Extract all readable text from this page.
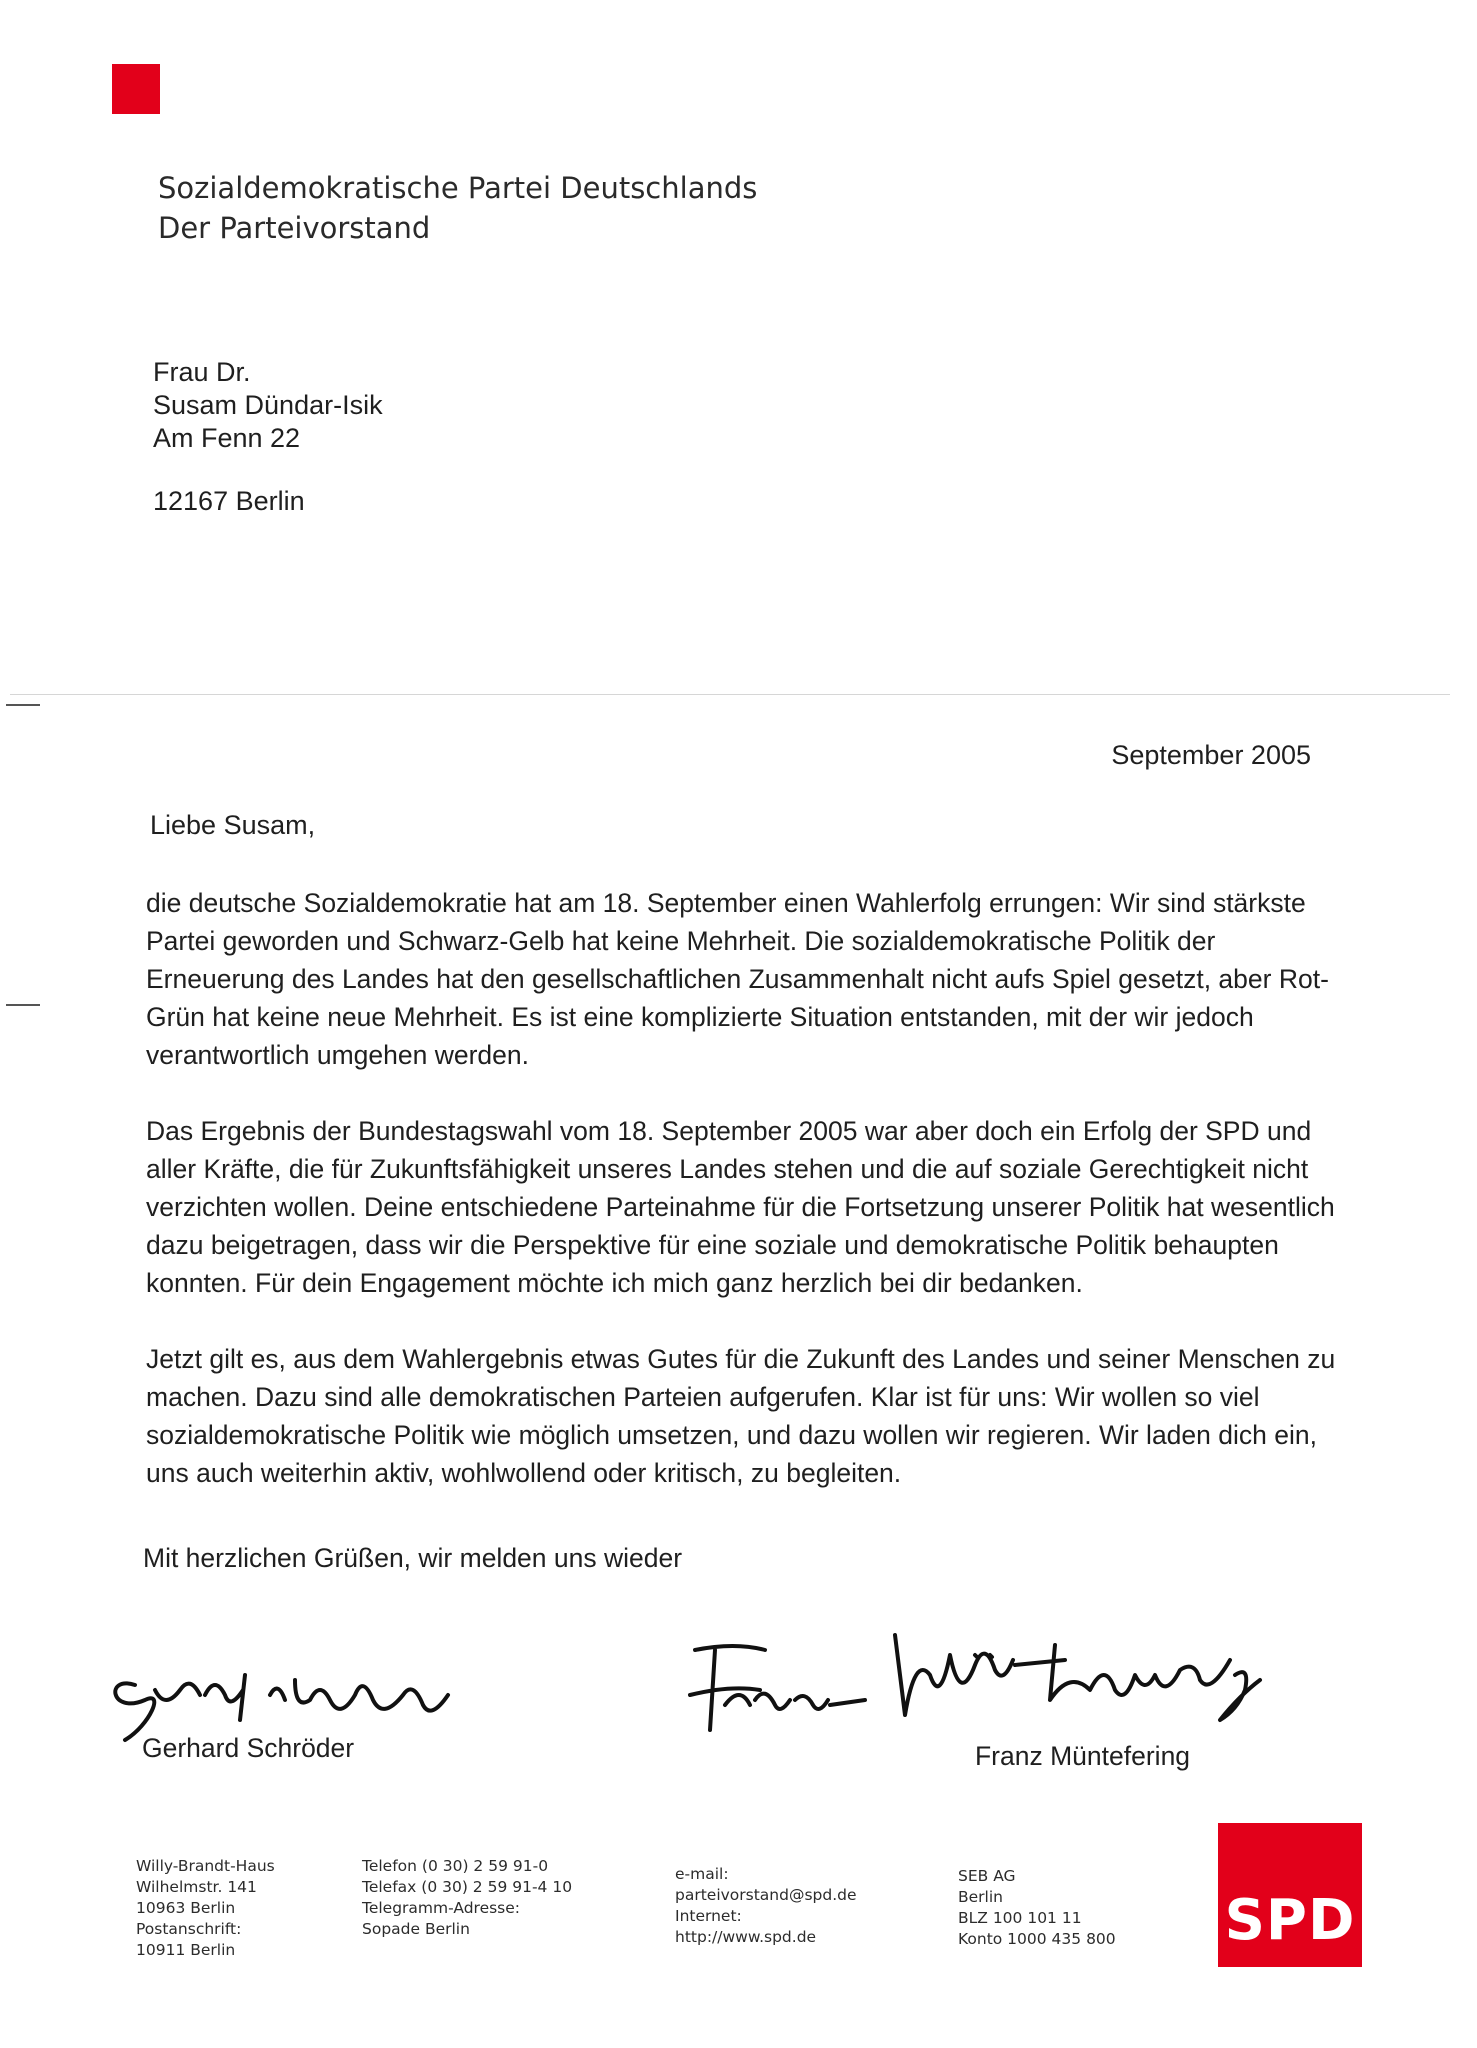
Sozialdemokratische Partei Deutschlands
Der Parteivorstand
Frau Dr.
Susam Dündar-Isik
Am Fenn 22
12167 Berlin
September 2005
Liebe Susam,

die deutsche Sozialdemokratie hat am 18. September einen Wahlerfolg errungen: Wir sind stärkste Partei geworden und Schwarz-Gelb hat keine Mehrheit. Die sozialdemokratische Politik der Erneuerung des Landes hat den gesellschaftlichen Zusammenhalt nicht aufs Spiel gesetzt, aber Rot-Grün hat keine neue Mehrheit. Es ist eine komplizierte Situation entstanden, mit der wir jedoch verantwortlich umgehen werden.

Das Ergebnis der Bundestagswahl vom 18. September 2005 war aber doch ein Erfolg der SPD und aller Kräfte, die für Zukunftsfähigkeit unseres Landes stehen und die auf soziale Gerechtigkeit nicht verzichten wollen. Deine entschiedene Parteinahme für die Fortsetzung unserer Politik hat wesentlich dazu beigetragen, dass wir die Perspektive für eine soziale und demokratische Politik behaupten konnten. Für dein Engagement möchte ich mich ganz herzlich bei dir bedanken.

Jetzt gilt es, aus dem Wahlergebnis etwas Gutes für die Zukunft des Landes und seiner Menschen zu machen. Dazu sind alle demokratischen Parteien aufgerufen. Klar ist für uns: Wir wollen so viel sozialdemokratische Politik wie möglich umsetzen, und dazu wollen wir regieren. Wir laden dich ein, uns auch weiterhin aktiv, wohlwollend oder kritisch, zu begleiten.

Mit herzlichen Grüßen, wir melden uns wieder
Gerhard Schröder	Franz Müntefering
Willy-Brandt-Haus
Wilhelmstr. 141
10963 Berlin
Postanschrift:
10911 Berlin
Telefon (0 30) 2 59 91-0
Telefax (0 30) 2 59 91-4 10
Telegramm-Adresse:
Sopade Berlin
e-mail:
parteivorstand@spd.de
Internet:
http://www.spd.de
SEB AG
Berlin
BLZ 100 101 11
Konto 1000 435 800 SPD
